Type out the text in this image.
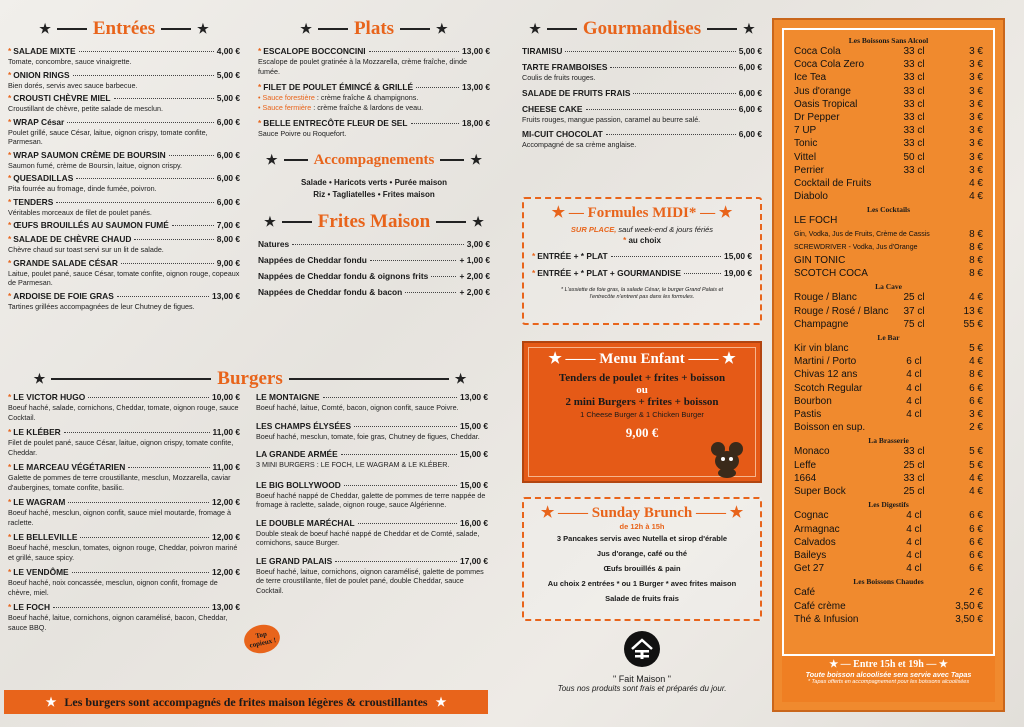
★ Entrées	★
* SALADE MIXTE	4,00 €
Tomate, concombre, sauce vinaigrette.
* ONION RINGS	5,00 €
Bien dorés, servis avec sauce barbecue.
* CROUSTI CHÈVRE MIEL	5,00 €
Croustillant de chèvre, petite salade de mesclun.
* WRAP César	6,00 €
Poulet grillé, sauce César, laitue, oignon crispy, tomate confite, Parmesan.
* WRAP SAUMON CRÈME DE BOURSIN	6,00 €
Saumon fumé, crème de Boursin, laitue, oignon crispy.
* QUESADILLAS	6,00 €
Pita fourrée au fromage, dinde fumée, poivron.
* TENDERS	6,00 €
Véritables morceaux de filet de poulet panés.
* ŒUFS BROUILLÉS AU SAUMON FUMÉ	7,00 €
* SALADE DE CHÈVRE CHAUD	8,00 €
Chèvre chaud sur toast servi sur un lit de salade.
* GRANDE SALADE CÉSAR	9,00 €
Laitue, poulet pané, sauce César, tomate confite, oignon rouge, copeaux de Parmesan.
* ARDOISE DE FOIE GRAS	13,00 €
Tartines grillées accompagnées de leur Chutney de figues.
★	Burgers	★
* LE VICTOR HUGO	10,00 €
Boeuf haché, salade, cornichons, Cheddar, tomate, oignon rouge, sauce Cocktail.
* LE KLÉBER	11,00 €
Filet de poulet pané, sauce César, laitue, oignon crispy, tomate confite, Cheddar.
* LE MARCEAU VÉGÉTARIEN	11,00 €
Galette de pommes de terre croustillante, mesclun, Mozzarella, caviar d'aubergines, tomate confite, basilic.
* LE WAGRAM	12,00 €
Boeuf haché, mesclun, oignon confit, sauce miel moutarde, fromage à raclette.
* LE BELLEVILLE	12,00 €
Boeuf haché, mesclun, tomates, oignon rouge, Cheddar, poivron mariné et grillé, sauce spicy.
* LE VENDÔME	12,00 €
Boeuf haché, noix concassée, mesclun, oignon confit, fromage de chèvre, miel.
* LE FOCH	13,00 €
Boeuf haché, laitue, cornichons, oignon caramélisé, bacon, Cheddar, sauce BBQ.
★ Plats	★
* ESCALOPE BOCCONCINI	13,00 €
Escalope de poulet gratinée à la Mozzarella, crème fraîche, dinde fumée.
* FILET DE POULET ÉMINCÉ & GRILLÉ	13,00 €
• Sauce forestière : crème fraîche & champignons.
• Sauce fermière : crème fraîche & lardons de veau.
* BELLE ENTRECÔTE FLEUR DE SEL	18,00 €
Sauce Poivre ou Roquefort.
★ Accompagnements	★
Salade • Haricots verts • Purée maison
Riz • Tagliatelles • Frites maison
★ Frites Maison	★
Natures	3,00 €
Nappées de Cheddar fondu	+ 1,00 €
Nappées de Cheddar fondu & oignons frits	+ 2,00 €
Nappées de Cheddar fondu & bacon	+ 2,00 €
LE MONTAIGNE	13,00 €
Boeuf haché, laitue, Comté, bacon, oignon confit, sauce Poivre.
LES CHAMPS ÉLYSÉES	15,00 €
Boeuf haché, mesclun, tomate, foie gras, Chutney de figues, Cheddar.
LA GRANDE ARMÉE	15,00 €
3 MINI BURGERS : LE FOCH, LE WAGRAM & LE KLÉBER.
LE BIG BOLLYWOOD	15,00 €
Boeuf haché nappé de Cheddar, galette de pommes de terre nappée de fromage à raclette, salade, oignon rouge, sauce Algérienne.
LE DOUBLE MARÉCHAL	16,00 €
Double steak de boeuf haché nappé de Cheddar et de Comté, salade, cornichons, sauce Burger.
LE GRAND PALAIS	17,00 €
Boeuf haché, laitue, cornichons, oignon caramélisé, galette de pommes de terre croustillante, filet de poulet pané, double Cheddar, sauce Cocktail.
Top copieux !
★ Les burgers sont accompagnés de frites maison légères & croustillantes ★
★ Gourmandises	★
TIRAMISU	5,00 €
TARTE FRAMBOISES	6,00 €
Coulis de fruits rouges.
SALADE DE FRUITS FRAIS	6,00 €
CHEESE CAKE	6,00 €
Fruits rouges, mangue passion, caramel au beurre salé.
MI-CUIT CHOCOLAT	6,00 €
Accompagné de sa crème anglaise.
★ — Formules MIDI* — ★
SUR PLACE, sauf week-end & jours fériés
* au choix
* ENTRÉE + * PLAT	15,00 €
* ENTRÉE + * PLAT + GOURMANDISE	19,00 €
* L'assiette de foie gras, la salade César, le burger Grand Palais et l'entrecôte n'entrent pas dans les formules.
★ —— Menu Enfant —— ★
Tenders de poulet + frites + boisson
ou
2 mini Burgers + frites + boisson
1 Cheese Burger & 1 Chicken Burger
9,00 €
★ —— Sunday Brunch —— ★
de 12h à 15h
3 Pancakes servis avec Nutella et sirop d'érable
Jus d'orange, café ou thé
Œufs brouillés & pain
Au choix 2 entrées * ou 1 Burger * avec frites maison
Salade de fruits frais
" Fait Maison "
Tous nos produits sont frais et préparés du jour.
Les Boissons Sans Alcool
Coca Cola	33 cl	3 €
Coca Cola Zero	33 cl	3 €
Ice Tea	33 cl	3 €
Jus d'orange	33 cl	3 €
Oasis Tropical	33 cl	3 €
Dr Pepper	33 cl	3 €
7 UP	33 cl	3 €
Tonic	33 cl	3 €
Vittel	50 cl	3 €
Perrier	33 cl	3 €
Cocktail de Fruits	4 €
Diabolo	4 €
Les Cocktails
LE FOCH
Gin, Vodka, Jus de Fruits, Crème de Cassis	8 €
SCREWDRIVER - Vodka, Jus d'Orange	8 €
GIN TONIC	8 €
SCOTCH COCA	8 €
La Cave
Rouge / Blanc	25 cl	4 €
Rouge / Rosé / Blanc	37 cl	13 €
Champagne	75 cl	55 €
Le Bar
Kir vin blanc	5 €
Martini / Porto	6 cl	4 €
Chivas 12 ans	4 cl	8 €
Scotch Regular	4 cl	6 €
Bourbon	4 cl	6 €
Pastis	4 cl	3 €
Boisson en sup.	2 €
La Brasserie
Monaco	33 cl	5 €
Leffe	25 cl	5 €
1664	33 cl	4 €
Super Bock	25 cl	4 €
Les Digestifs
Cognac	4 cl	6 €
Armagnac	4 cl	6 €
Calvados	4 cl	6 €
Baileys	4 cl	6 €
Get 27	4 cl	6 €
Les Boissons Chaudes
Café	2 €
Café crème	3,50 €
Thé & Infusion	3,50 €
★ — Entre 15h et 19h — ★
Toute boisson alcoolisée sera servie avec Tapas
* Tapas offerts en accompagnement pour les boissons alcoolisées
